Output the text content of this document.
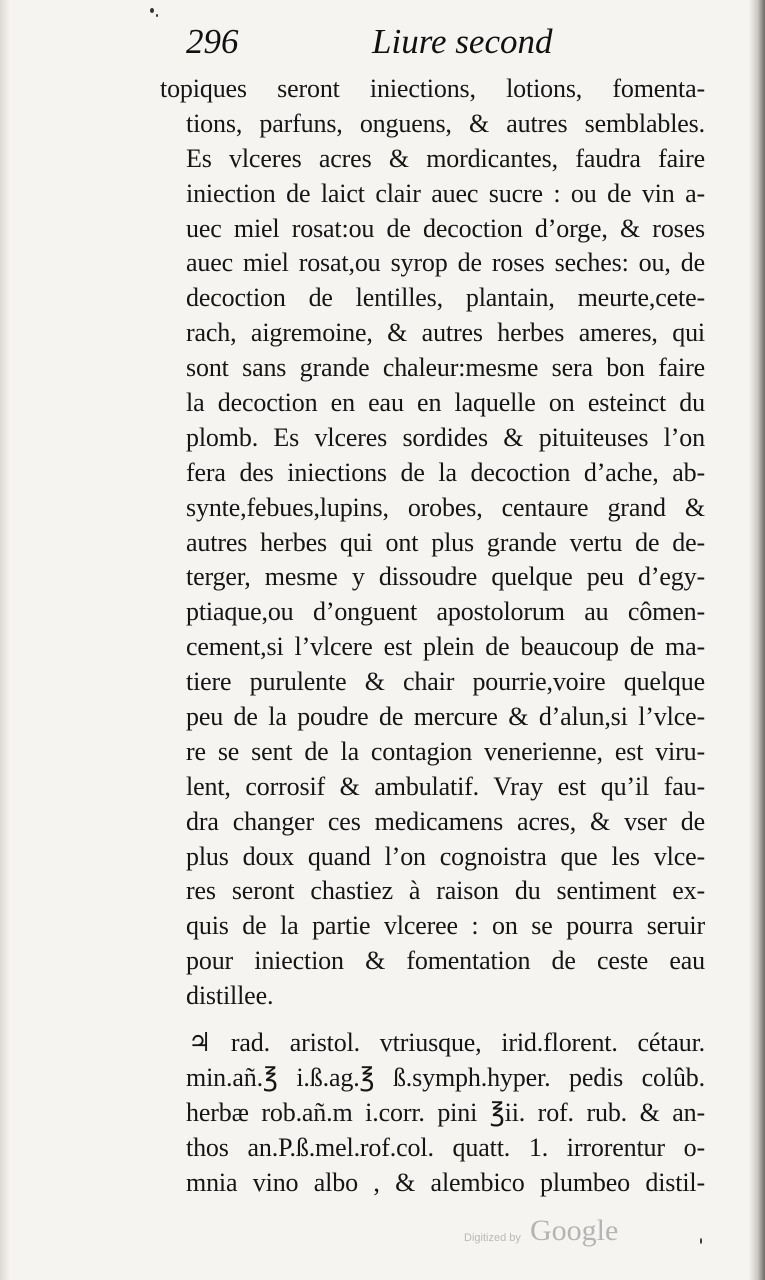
296	Liure second
topiques seront iniections, lotions, fomenta-
tions, parfuns, onguens, & autres semblables.
Es vlceres acres & mordicantes, faudra faire
iniection de laict clair auec sucre : ou de vin a-
uec miel rosat:ou de decoction d’orge, & roses
auec miel rosat,ou syrop de roses seches: ou, de
decoction de lentilles, plantain, meurte,cete-
rach, aigremoine, & autres herbes ameres, qui
sont sans grande chaleur:mesme sera bon faire
la decoction en eau en laquelle on esteinct du
plomb. Es vlceres sordides & pituiteuses l’on
fera des iniections de la decoction d’ache, ab-
synte,febues,lupins, orobes, centaure grand &
autres herbes qui ont plus grande vertu de de-
terger, mesme y dissoudre quelque peu d’egy-
ptiaque,ou d’onguent apostolorum au cômen-
cement,si l’vlcere est plein de beaucoup de ma-
tiere purulente & chair pourrie,voire quelque
peu de la poudre de mercure & d’alun,si l’vlce-
re se sent de la contagion venerienne, est viru-
lent, corrosif & ambulatif. Vray est qu’il fau-
dra changer ces medicamens acres, & vser de
plus doux quand l’on cognoistra que les vlce-
res seront chastiez à raison du sentiment ex-
quis de la partie vlceree : on se pourra seruir
pour iniection & fomentation de ceste eau
distillee.
♃ rad. aristol. vtriusque, irid.florent. cétaur.
min.añ.℥ i.ß.ag.℥ ß.symph.hyper. pedis colûb.
herbæ rob.añ.m i.corr. pini ℥ii. rof. rub. & an-
thos an.P.ß.mel.rof.col. quatt. 1. irrorentur o-
mnia vino albo , & alembico plumbeo distil-
Digitized by Google
